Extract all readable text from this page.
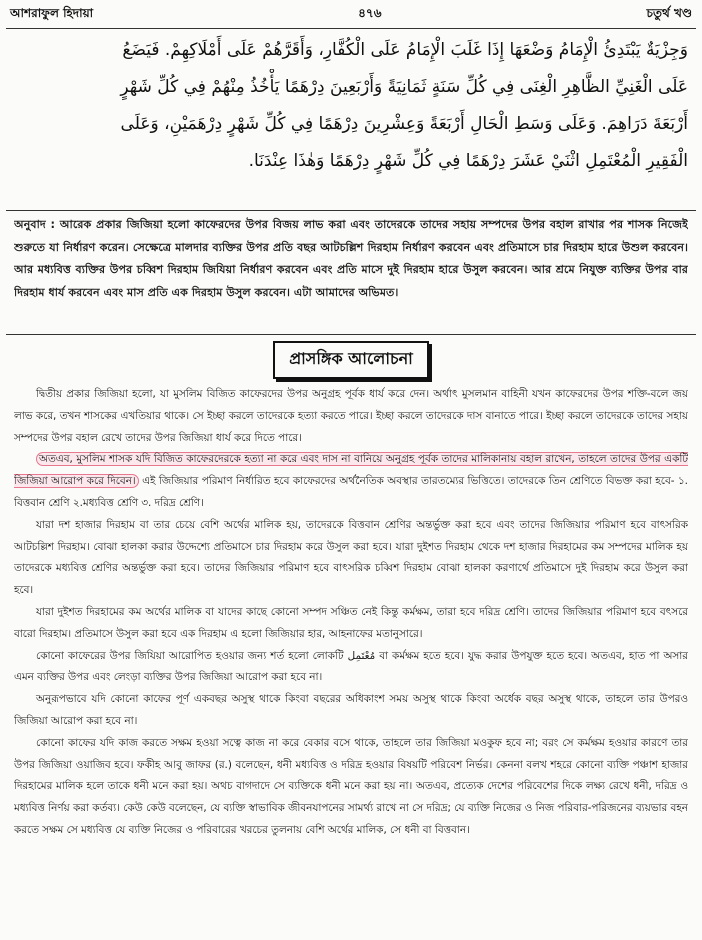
আশরাফুল হিদায়া	৪৭৬	চতুর্থ খণ্ড
وَجِزْيَةٌ يَبْتَدِئُ الْإِمَامُ وَضْعَهَا إِذَا غَلَبَ الْإِمَامُ عَلَى الْكُفَّارِ، وَأَقَرَّهُمْ عَلَى أَمْلَاكِهِمْ. فَيَضَعُ
عَلَى الْغَنِيِّ الظَّاهِرِ الْغِنَى فِي كُلِّ سَنَةٍ ثَمَانِيَةً وَأَرْبَعِينَ دِرْهَمًا يَأْخُذُ مِنْهُمْ فِي كُلِّ شَهْرٍ
أَرْبَعَةَ دَرَاهِمَ. وَعَلَى وَسَطِ الْحَالِ أَرْبَعَةً وَعِشْرِينَ دِرْهَمًا فِي كُلِّ شَهْرٍ دِرْهَمَيْنِ، وَعَلَى
الْفَقِيرِ الْمُعْتَمِلِ اثْنَيْ عَشَرَ دِرْهَمًا فِي كُلِّ شَهْرٍ دِرْهَمًا وَهٰذَا عِنْدَنَا.
অনুবাদ : আরেক প্রকার জিজিয়া হলো কাফেরদের উপর বিজয় লাভ করা এবং তাদেরকে তাদের সহায় সম্পদের উপর বহাল রাখার পর শাসক নিজেই শুরুতে যা নির্ধারণ করেন। সেক্ষেত্রে মালদার ব্যক্তির উপর প্রতি বছর আটচল্লিশ দিরহাম নির্ধারণ করবেন এবং প্রতিমাসে চার দিরহাম হারে উশুল করবেন। আর মধ্যবিত্ত ব্যক্তির উপর চব্বিশ দিরহাম জিযিয়া নির্ধারণ করবেন এবং প্রতি মাসে দুই দিরহাম হারে উসুল করবেন। আর শ্রমে নিযুক্ত ব্যক্তির উপর বার দিরহাম ধার্য করবেন এবং মাস প্রতি এক দিরহাম উসুল করবেন। এটা আমাদের অভিমত।
প্রাসঙ্গিক আলোচনা

দ্বিতীয় প্রকার জিজিয়া হলো, যা মুসলিম বিজিত কাফেরদের উপর অনুগ্রহ পূর্বক ধার্য করে দেন। অর্থাৎ মুসলমান বাহিনী যখন কাফেরদের উপর শক্তি-বলে জয় লাভ করে, তখন শাসকের এখতিয়ার থাকে। সে ইচ্ছা করলে তাদেরকে হত্যা করতে পারে। ইচ্ছা করলে তাদেরকে দাস বানাতে পারে। ইচ্ছা করলে তাদেরকে তাদের সহায় সম্পদের উপর বহাল রেখে তাদের উপর জিজিয়া ধার্য করে দিতে পারে।

অতএব, মুসলিম শাসক যদি বিজিত কাফেরদেরকে হত্যা না করে এবং দাস না বানিয়ে অনুগ্রহ পূর্বক তাদের মালিকানায় বহাল রাখেন, তাহলে তাদের উপর একটি জিজিয়া আরোপ করে দিবেন। এই জিজিয়ার পরিমাণ নির্ধারিত হবে কাফেরদের অর্থনৈতিক অবস্থার তারতম্যের ভিত্তিতে। তাদেরকে তিন শ্রেণিতে বিভক্ত করা হবে- ১. বিত্তবান শ্রেণি ২.মধ্যবিত্ত শ্রেণি ৩. দরিদ্র শ্রেণি।

যারা দশ হাজার দিরহাম বা তার চেয়ে বেশি অর্থের মালিক হয়, তাদেরকে বিত্তবান শ্রেণির অন্তর্ভুক্ত করা হবে এবং তাদের জিজিয়ার পরিমাণ হবে বাৎসরিক আটচল্লিশ দিরহাম। বোঝা হালকা করার উদ্দেশ্যে প্রতিমাসে চার দিরহাম করে উসুল করা হবে। যারা দুইশত দিরহাম থেকে দশ হাজার দিরহামের কম সম্পদের মালিক হয় তাদেরকে মধ্যবিত্ত শ্রেণির অন্তর্ভুক্ত করা হবে। তাদের জিজিয়ার পরিমাণ হবে বাৎসরিক চব্বিশ দিরহাম বোঝা হালকা করণার্থে প্রতিমাসে দুই দিরহাম করে উসুল করা হবে।

যারা দুইশত দিরহামের কম অর্থের মালিক বা যাদের কাছে কোনো সম্পদ সঞ্চিত নেই কিন্তু কর্মক্ষম, তারা হবে দরিদ্র শ্রেণি। তাদের জিজিয়ার পরিমাণ হবে বৎসরে বারো দিরহাম। প্রতিমাসে উসুল করা হবে এক দিরহাম এ হলো জিজিয়ার হার, আহনাফের মতানুসারে।

কোনো কাফেরের উপর জিযিয়া আরোপিত হওয়ার জন্য শর্ত হলো লোকটি مُعْتَمِل বা কর্মক্ষম হতে হবে। যুদ্ধ করার উপযুক্ত হতে হবে। অতএব, হাত পা অসার এমন ব্যক্তির উপর এবং লেংড়া ব্যক্তির উপর জিজিয়া আরোপ করা হবে না।

অনুরূপভাবে যদি কোনো কাফের পূর্ণ একবছর অসুস্থ থাকে কিংবা বছরের অধিকাংশ সময় অসুস্থ থাকে কিংবা অর্ধেক বছর অসুস্থ থাকে, তাহলে তার উপরও জিজিয়া আরোপ করা হবে না।

কোনো কাফের যদি কাজ করতে সক্ষম হওয়া সত্বে কাজ না করে বেকার বসে থাকে, তাহলে তার জিজিয়া মওকুফ হবে না; বরং সে কর্মক্ষম হওয়ার কারণে তার উপর জিজিয়া ওয়াজিব হবে। ফকীহ আবু জাফর (র.) বলেছেন, ধনী মধ্যবিত্ত ও দরিদ্র হওয়ার বিষয়টি পরিবেশ নির্ভর। কেননা বলখ শহরে কোনো ব্যক্তি পঞ্চাশ হাজার দিরহামের মালিক হলে তাকে ধনী মনে করা হয়। অথচ বাগদাদে সে ব্যক্তিকে ধনী মনে করা হয় না। অতএব, প্রত্যেক দেশের পরিবেশের দিকে লক্ষ্য রেখে ধনী, দরিদ্র ও মধ্যবিত্ত নির্ণয় করা কর্তব্য। কেউ কেউ বলেছেন, যে ব্যক্তি স্বাভাবিক জীবনযাপনের সামর্থ্য রাখে না সে দরিদ্র; যে ব্যক্তি নিজের ও নিজ পরিবার-পরিজনের ব্যয়ভার বহন করতে সক্ষম সে মধ্যবিত্ত যে ব্যক্তি নিজের ও পরিবারের খরচের তুলনায় বেশি অর্থের মালিক, সে ধনী বা বিত্তবান।
